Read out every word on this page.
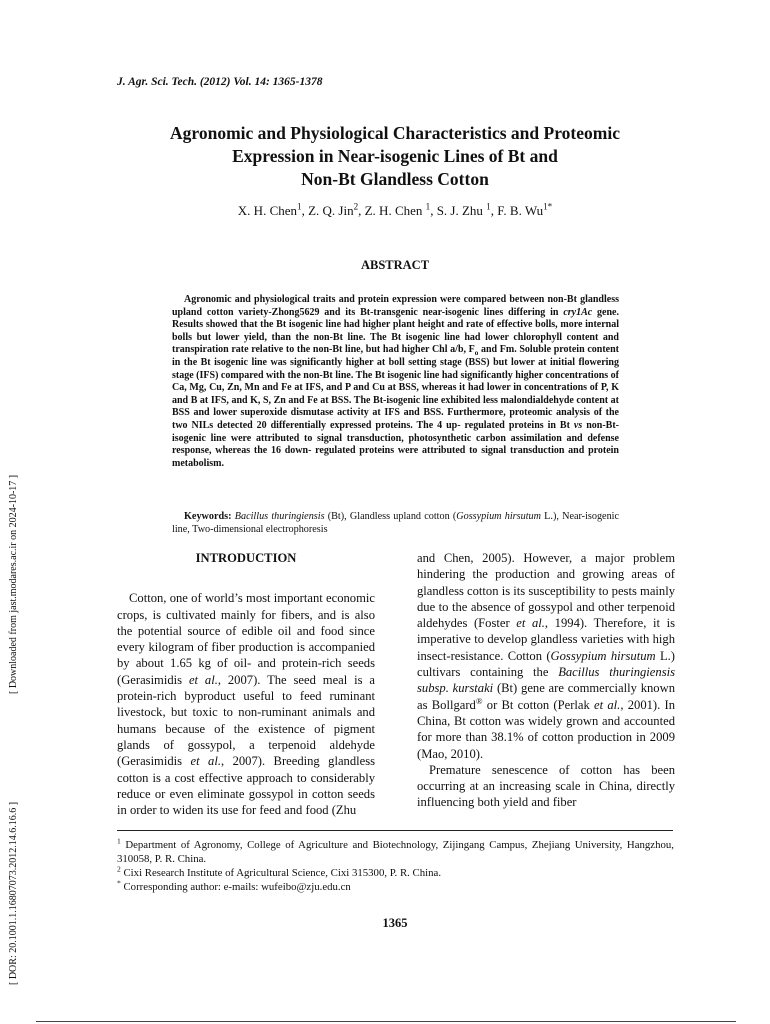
J. Agr. Sci. Tech. (2012) Vol. 14: 1365-1378
Agronomic and Physiological Characteristics and Proteomic
Expression in Near-isogenic Lines of Bt and
Non-Bt Glandless Cotton
X. H. Chen$^1$, Z. Q. Jin$^2$, Z. H. Chen $^1$, S. J. Zhu $^1$, F. B. $Wu^{1*}$
ABSTRACT

Agronomic and physiological traits and protein expression were compared between non-Bt glandless upland cotton variety-Zhong5629 and its Bt-transgenic near-isogenic lines differing in cry1Ac gene. Results showed that the Bt isogenic line had higher plant height and rate of effective bolls, more internal bolls but lower yield, than the non-Bt line. The Bt isogenic line had lower chlorophyll content and transpiration rate relative to the non-Bt line, but had higher Chl a/b, $F_o$ and Fm. Soluble protein content in the Bt isogenic line was significantly higher at boll setting stage (BSS) but lower at initial flowering stage (IFS) compared with the non-Bt line. The Bt isogenic line had significantly higher concentrations of Ca, Mg, Cu, Zn, Mn and Fe at IFS, and P and Cu at BSS, whereas it had lower in concentrations of P, K and B at IFS, and K, S, Zn and Fe at BSS. The Bt-isogenic line exhibited less malondialdehyde content at BSS and lower superoxide dismutase activity at IFS and BSS. Furthermore, proteomic analysis of the two NILs detected 20 differentially expressed proteins. The 4 up- regulated proteins in Bt vs non-Bt-isogenic line were attributed to signal transduction, photosynthetic carbon assimilation and defense response, whereas the 16 down- regulated proteins were attributed to signal transduction and protein metabolism.

Keywords: Bacillus thuringiensis (Bt), Glandless upland cotton (Gossypium hirsutum L.), Near-isogenic line, Two-dimensional electrophoresis

INTRODUCTION

Cotton, one of world’s most important economic crops, is cultivated mainly for fibers, and is also the potential source of edible oil and food since every kilogram of fiber production is accompanied by about 1.65 kg of oil- and protein-rich seeds (Gerasimidis et al., 2007). The seed meal is a protein-rich byproduct useful to feed ruminant livestock, but toxic to non-ruminant animals and humans because of the existence of pigment glands of gossypol, a terpenoid aldehyde (Gerasimidis et al., 2007). Breeding glandless cotton is a cost effective approach to considerably reduce or even eliminate gossypol in cotton seeds in order to widen its use for feed and food (Zhu

and Chen, 2005). However, a major problem hindering the production and growing areas of glandless cotton is its susceptibility to pests mainly due to the absence of gossypol and other terpenoid aldehydes (Foster et al., 1994). Therefore, it is imperative to develop glandless varieties with high insect-resistance. Cotton (Gossypium hirsutum L.) cultivars containing the Bacillus thuringiensis subsp. kurstaki (Bt) gene are commercially known as Bollgard® or Bt cotton (Perlak et al., 2001). In China, Bt cotton was widely grown and accounted for more than 38.1% of cotton production in 2009 (Mao, 2010).

Premature senescence of cotton has been occurring at an increasing scale in China, directly influencing both yield and fiber

$^1$ Department of Agronomy, College of Agriculture and Biotechnology, Zijingang Campus, Zhejiang University, Hangzhou, 310058, P. R. China.

$^2$ Cixi Research Institute of Agricultural Science, Cixi 315300, P. R. China.

* Corresponding author: e-mails: wufeibo@zju.edu.cn

1365
[ Downloaded from jast.modares.ac.ir on 2024-10-17 ]
[ DOR: 20.1001.1.16807073.2012.14.6.16.6 ]
